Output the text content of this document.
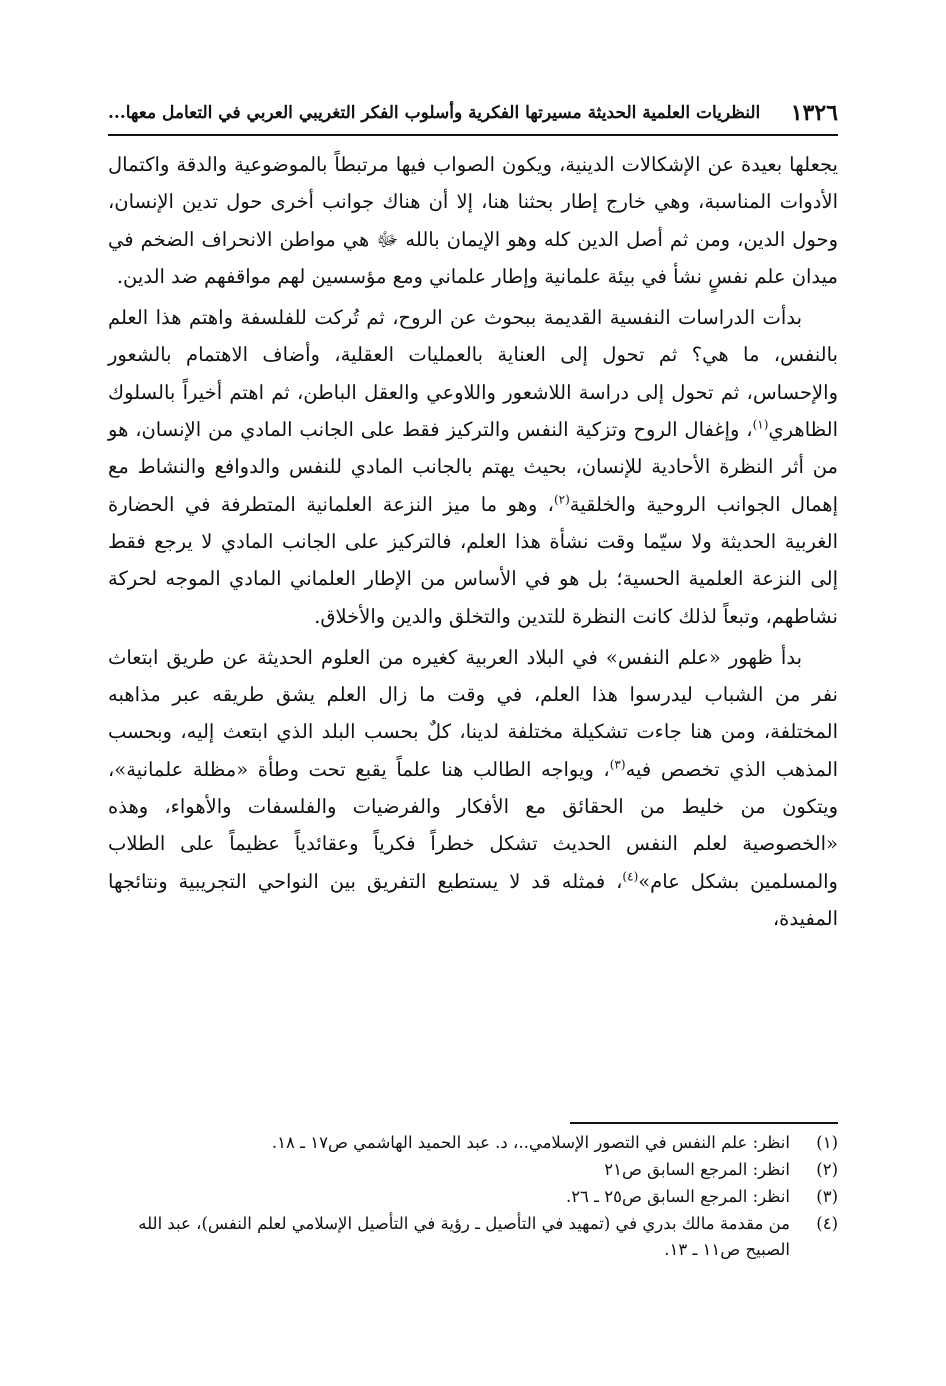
١٣٢٦
النظريات العلمية الحديثة مسيرتها الفكرية وأسلوب الفكر التغريبي العربي في التعامل معها...

يجعلها بعيدة عن الإشكالات الدينية، ويكون الصواب فيها مرتبطاً بالموضوعية والدقة واكتمال الأدوات المناسبة، وهي خارج إطار بحثنا هنا، إلا أن هناك جوانب أخرى حول تدين الإنسان، وحول الدين، ومن ثم أصل الدين كله وهو الإيمان بالله ﷻ هي مواطن الانحراف الضخم في ميدان علم نفسٍ نشأ في بيئة علمانية وإطار علماني ومع مؤسسين لهم مواقفهم ضد الدين.

بدأت الدراسات النفسية القديمة ببحوث عن الروح، ثم تُركت للفلسفة واهتم هذا العلم بالنفس، ما هي؟ ثم تحول إلى العناية بالعمليات العقلية، وأضاف الاهتمام بالشعور والإحساس، ثم تحول إلى دراسة اللاشعور واللاوعي والعقل الباطن، ثم اهتم أخيراً بالسلوك الظاهري$^{(١)}$، وإغفال الروح وتزكية النفس والتركيز فقط على الجانب المادي من الإنسان، هو من أثر النظرة الأحادية للإنسان، بحيث يهتم بالجانب المادي للنفس والدوافع والنشاط مع إهمال الجوانب الروحية والخلقية$^{(٢)}$، وهو ما ميز النزعة العلمانية المتطرفة في الحضارة الغربية الحديثة ولا سيّما وقت نشأة هذا العلم، فالتركيز على الجانب المادي لا يرجع فقط إلى النزعة العلمية الحسية؛ بل هو في الأساس من الإطار العلماني المادي الموجه لحركة نشاطهم، وتبعاً لذلك كانت النظرة للتدين والتخلق والدين والأخلاق.

بدأ ظهور «علم النفس» في البلاد العربية كغيره من العلوم الحديثة عن طريق ابتعاث نفر من الشباب ليدرسوا هذا العلم، في وقت ما زال العلم يشق طريقه عبر مذاهبه المختلفة، ومن هنا جاءت تشكيلة مختلفة لدينا، كلٌ بحسب البلد الذي ابتعث إليه، وبحسب المذهب الذي تخصص فيه$^{(٣)}$، ويواجه الطالب هنا علماً يقبع تحت وطأة «مظلة علمانية»، ويتكون من خليط من الحقائق مع الأفكار والفرضيات والفلسفات والأهواء، وهذه «الخصوصية لعلم النفس الحديث تشكل خطراً فكرياً وعقائدياً عظيماً على الطلاب والمسلمين بشكل عام»$^{(٤)}$، فمثله قد لا يستطيع التفريق بين النواحي التجريبية ونتائجها المفيدة،

(١)
انظر: علم النفس في التصور الإسلامي..، د. عبد الحميد الهاشمي ص١٧ ـ ١٨.
(٢)
انظر: المرجع السابق ص٢١
(٣)
انظر: المرجع السابق ص٢٥ ـ ٢٦.
(٤)
من مقدمة مالك بدري في (تمهيد في التأصيل ـ رؤية في التأصيل الإسلامي لعلم النفس)، عبد الله الصبيح ص١١ ـ ١٣.
